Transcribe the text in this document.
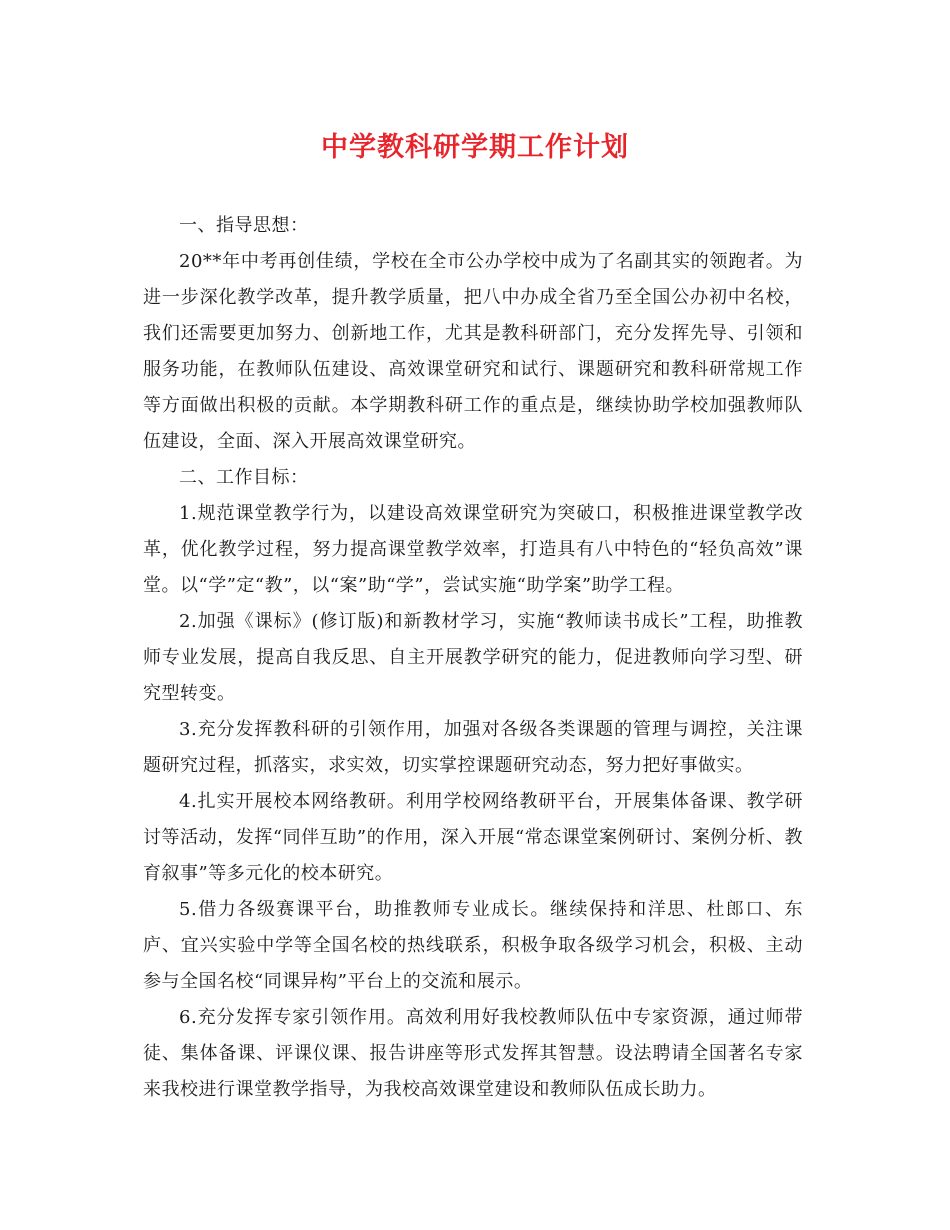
中学教科研学期工作计划

一、指导思想：

20**年中考再创佳绩，学校在全市公办学校中成为了名副其实的领跑者。为进一步深化教学改革，提升教学质量，把八中办成全省乃至全国公办初中名校，我们还需要更加努力、创新地工作，尤其是教科研部门，充分发挥先导、引领和服务功能，在教师队伍建设、高效课堂研究和试行、课题研究和教科研常规工作等方面做出积极的贡献。本学期教科研工作的重点是，继续协助学校加强教师队伍建设，全面、深入开展高效课堂研究。

二、工作目标：

1.规范课堂教学行为，以建设高效课堂研究为突破口，积极推进课堂教学改革，优化教学过程，努力提高课堂教学效率，打造具有八中特色的“轻负高效”课堂。以“学”定“教”，以“案”助“学”，尝试实施“助学案”助学工程。

2.加强《课标》(修订版)和新教材学习，实施“教师读书成长”工程，助推教师专业发展，提高自我反思、自主开展教学研究的能力，促进教师向学习型、研究型转变。

3.充分发挥教科研的引领作用，加强对各级各类课题的管理与调控，关注课题研究过程，抓落实，求实效，切实掌控课题研究动态，努力把好事做实。

4.扎实开展校本网络教研。利用学校网络教研平台，开展集体备课、教学研讨等活动，发挥“同伴互助”的作用，深入开展“常态课堂案例研讨、案例分析、教育叙事”等多元化的校本研究。

5.借力各级赛课平台，助推教师专业成长。继续保持和洋思、杜郎口、东庐、宜兴实验中学等全国名校的热线联系，积极争取各级学习机会，积极、主动参与全国名校“同课异构”平台上的交流和展示。

6.充分发挥专家引领作用。高效利用好我校教师队伍中专家资源，通过师带徒、集体备课、评课仪课、报告讲座等形式发挥其智慧。设法聘请全国著名专家来我校进行课堂教学指导，为我校高效课堂建设和教师队伍成长助力。
